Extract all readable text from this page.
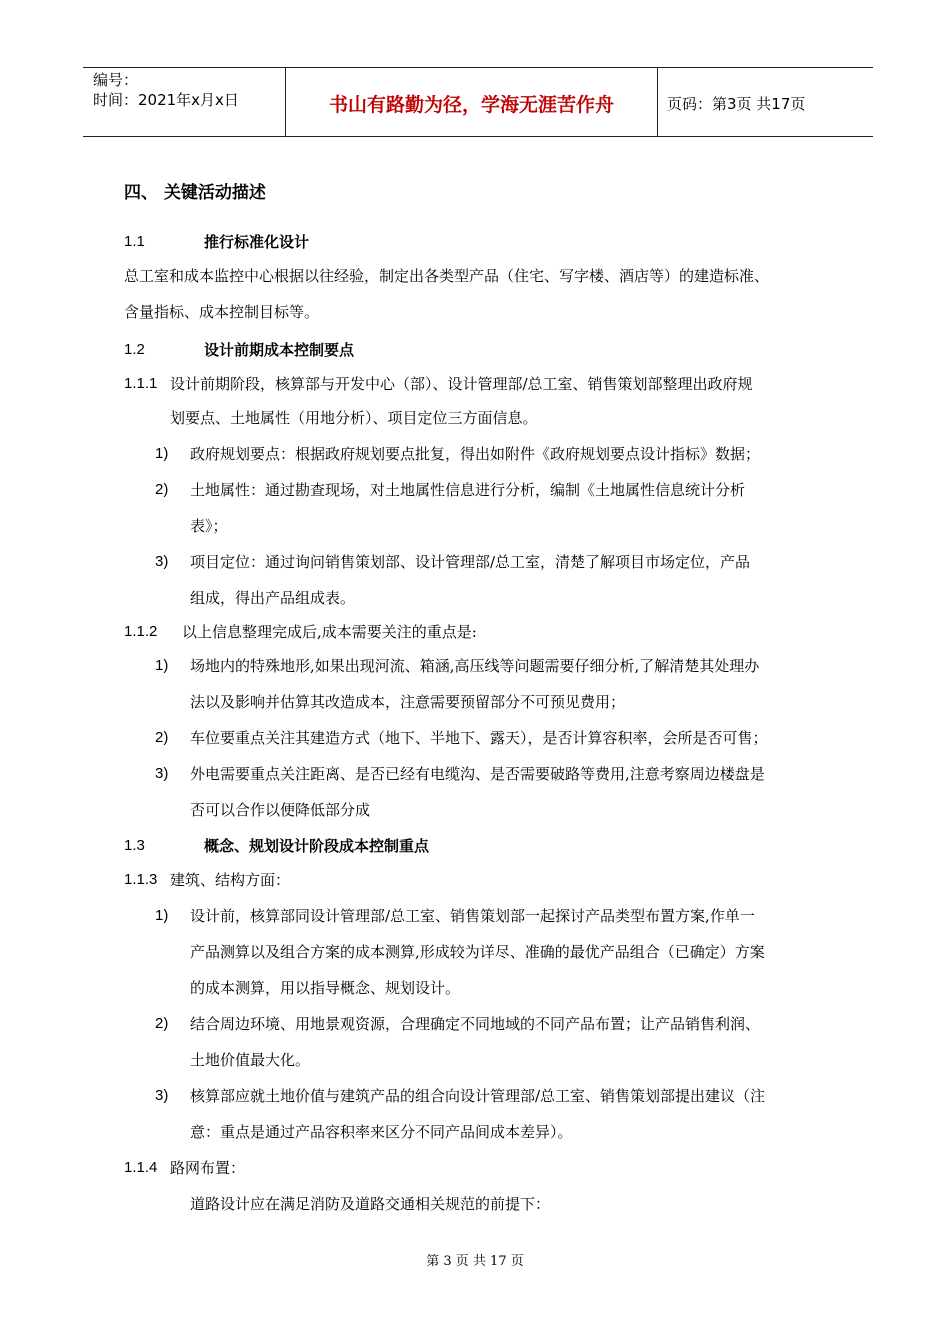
编号：
时间：2021年x月x日	书山有路勤为径，学海无涯苦作舟	页码：第3页 共17页
四、 关键活动描述
1.1	推行标准化设计
总工室和成本监控中心根据以往经验，制定出各类型产品（住宅、写字楼、酒店等）的建造标准、
含量指标、成本控制目标等。
1.2	设计前期成本控制要点
1.1.1 设计前期阶段，核算部与开发中心（部）、设计管理部/总工室、销售策划部整理出政府规
划要点、土地属性（用地分析）、项目定位三方面信息。
1) 政府规划要点：根据政府规划要点批复，得出如附件《政府规划要点设计指标》数据；
2) 土地属性：通过勘查现场，对土地属性信息进行分析，编制《土地属性信息统计分析
表》；
3) 项目定位：通过询问销售策划部、设计管理部/总工室，清楚了解项目市场定位，产品
组成，得出产品组成表。
1.1.2 以上信息整理完成后,成本需要关注的重点是:
1) 场地内的特殊地形,如果出现河流、箱涵,高压线等问题需要仔细分析,了解清楚其处理办
法以及影响并估算其改造成本，注意需要预留部分不可预见费用；
2) 车位要重点关注其建造方式（地下、半地下、露天），是否计算容积率，会所是否可售；
3) 外电需要重点关注距离、是否已经有电缆沟、是否需要破路等费用,注意考察周边楼盘是
否可以合作以便降低部分成
1.3	概念、规划设计阶段成本控制重点
1.1.3 建筑、结构方面：
1) 设计前，核算部同设计管理部/总工室、销售策划部一起探讨产品类型布置方案,作单一
产品测算以及组合方案的成本测算,形成较为详尽、准确的最优产品组合（已确定）方案
的成本测算，用以指导概念、规划设计。
2) 结合周边环境、用地景观资源，合理确定不同地域的不同产品布置；让产品销售利润、
土地价值最大化。
3) 核算部应就土地价值与建筑产品的组合向设计管理部/总工室、销售策划部提出建议（注
意：重点是通过产品容积率来区分不同产品间成本差异）。
1.1.4 路网布置：
道路设计应在满足消防及道路交通相关规范的前提下：
第 3 页 共 17 页
